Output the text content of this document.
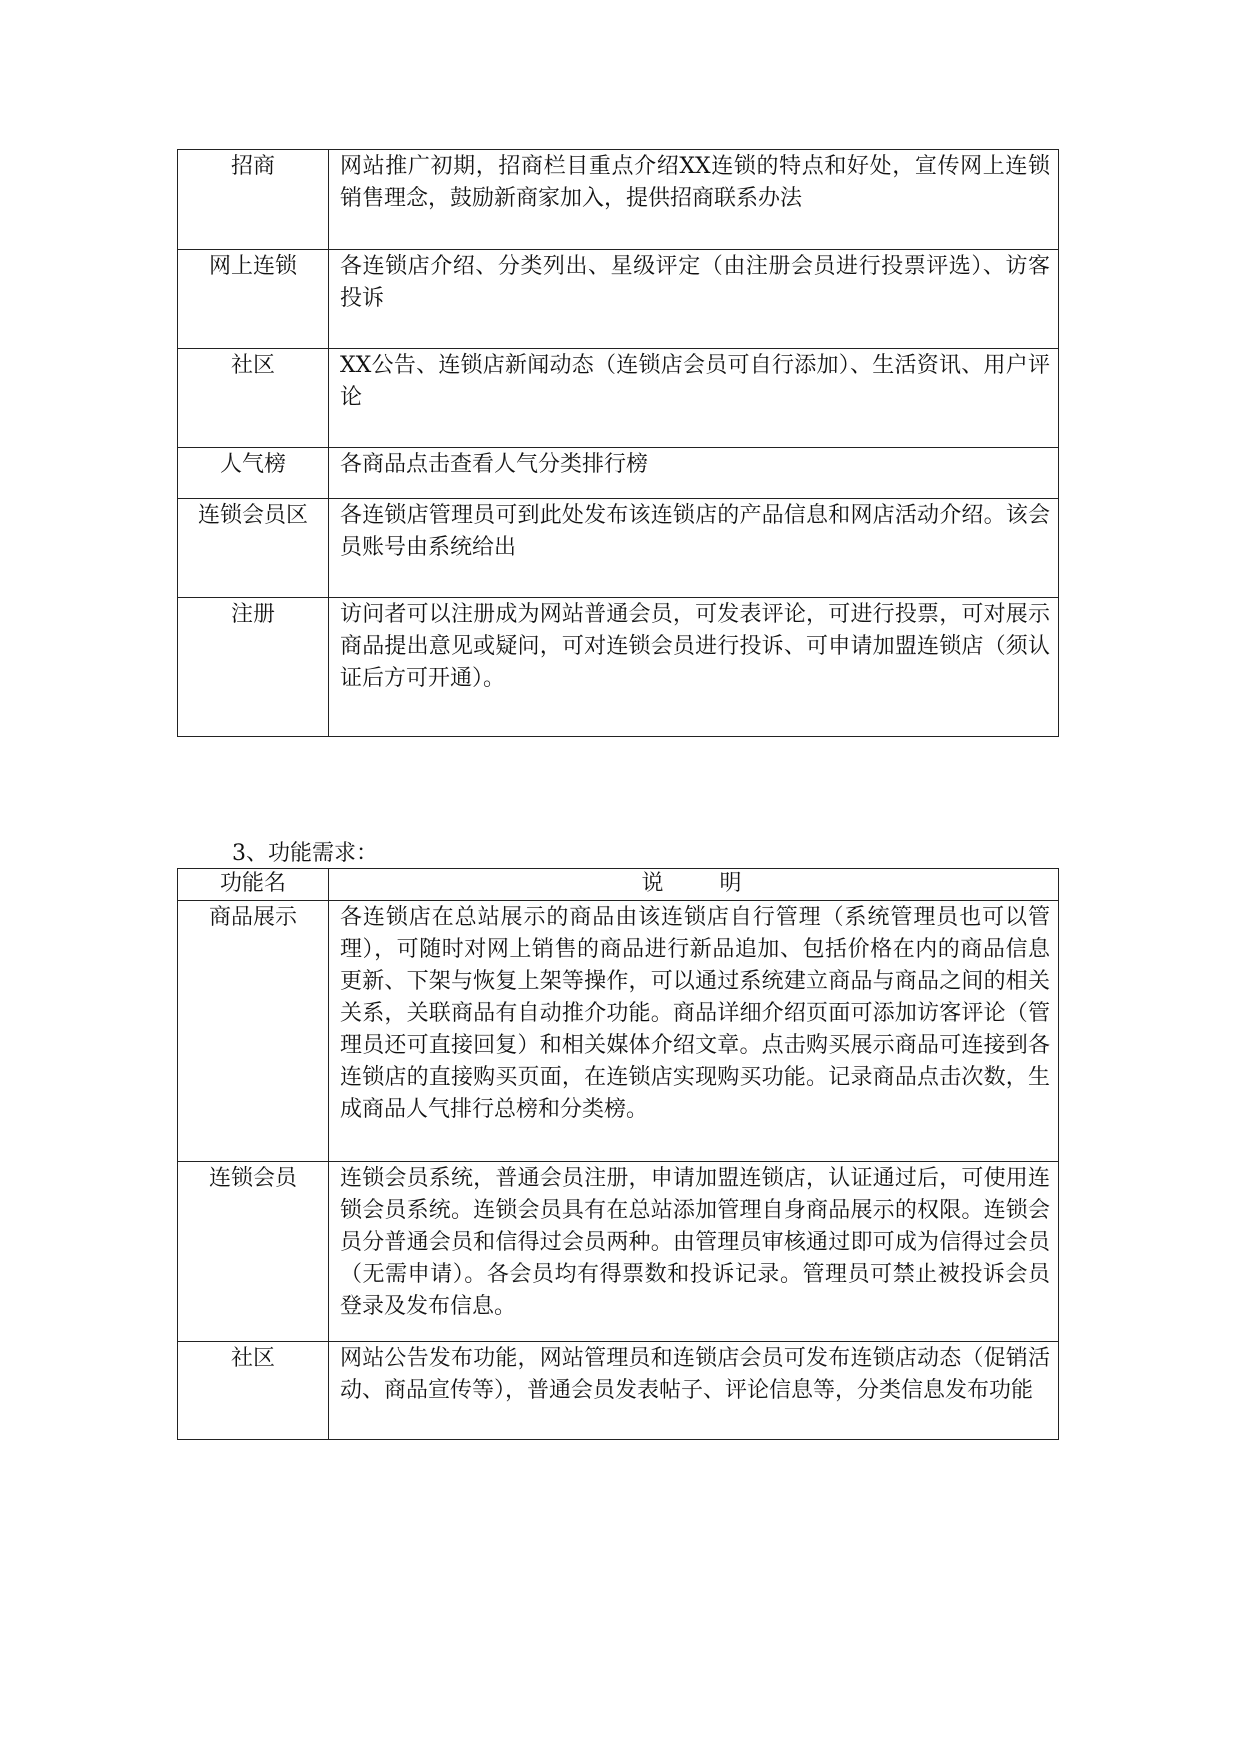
招商	网站推广初期，招商栏目重点介绍XX连锁的特点和好处，宣传网上连锁销售理念，鼓励新商家加入，提供招商联系办法
网上连锁	各连锁店介绍、分类列出、星级评定（由注册会员进行投票评选）、访客投诉
社区	XX公告、连锁店新闻动态（连锁店会员可自行添加）、生活资讯、用户评论
人气榜	各商品点击查看人气分类排行榜
连锁会员区	各连锁店管理员可到此处发布该连锁店的产品信息和网店活动介绍。该会员账号由系统给出
注册	访问者可以注册成为网站普通会员，可发表评论，可进行投票，可对展示商品提出意见或疑问，可对连锁会员进行投诉、可申请加盟连锁店（须认证后方可开通）。

3、功能需求：

功能名	说　　明
商品展示	各连锁店在总站展示的商品由该连锁店自行管理（系统管理员也可以管理），可随时对网上销售的商品进行新品追加、包括价格在内的商品信息更新、下架与恢复上架等操作，可以通过系统建立商品与商品之间的相关关系，关联商品有自动推介功能。商品详细介绍页面可添加访客评论（管理员还可直接回复）和相关媒体介绍文章。点击购买展示商品可连接到各连锁店的直接购买页面，在连锁店实现购买功能。记录商品点击次数，生成商品人气排行总榜和分类榜。
连锁会员	连锁会员系统，普通会员注册，申请加盟连锁店，认证通过后，可使用连锁会员系统。连锁会员具有在总站添加管理自身商品展示的权限。连锁会员分普通会员和信得过会员两种。由管理员审核通过即可成为信得过会员（无需申请）。各会员均有得票数和投诉记录。管理员可禁止被投诉会员登录及发布信息。
社区	网站公告发布功能，网站管理员和连锁店会员可发布连锁店动态（促销活动、商品宣传等），普通会员发表帖子、评论信息等，分类信息发布功能
